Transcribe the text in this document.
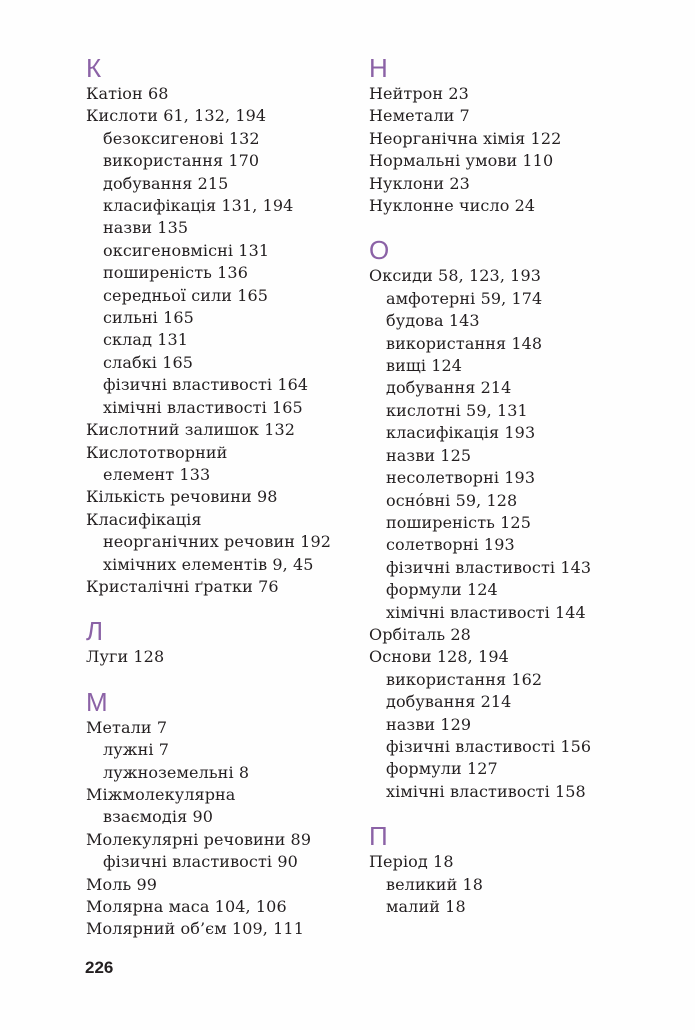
К
Катіон 68
Кислоти 61, 132, 194
безоксигенові 132
використання 170
добування 215
класифікація 131, 194
назви 135
оксигеновмісні 131
поширеність 136
середньої сили 165
сильні 165
склад 131
слабкі 165
фізичні властивості 164
хімічні властивості 165
Кислотний залишок 132
Кислототворний
елемент 133
Кількість речовини 98
Класифікація
неорганічних речовин 192
хімічних елементів 9, 45
Кристалічні ґратки 76
Л
Луги 128
М
Метали 7
лужні 7
лужноземельні 8
Міжмолекулярна
взаємодія 90
Молекулярні речовини 89
фізичні властивості 90
Моль 99
Молярна маса 104, 106
Молярний об’єм 109, 111
Н
Нейтрон 23
Неметали 7
Неорганічна хімія 122
Нормальні умови 110
Нуклони 23
Нуклонне число 24
О
Оксиди 58, 123, 193
амфотерні 59, 174
будова 143
використання 148
вищі 124
добування 214
кислотні 59, 131
класифікація 193
назви 125
несолетворні 193
оснóвні 59, 128
поширеність 125
солетворні 193
фізичні властивості 143
формули 124
хімічні властивості 144
Орбіталь 28
Основи 128, 194
використання 162
добування 214
назви 129
фізичні властивості 156
формули 127
хімічні властивості 158
П
Період 18
великий 18
малий 18
226
